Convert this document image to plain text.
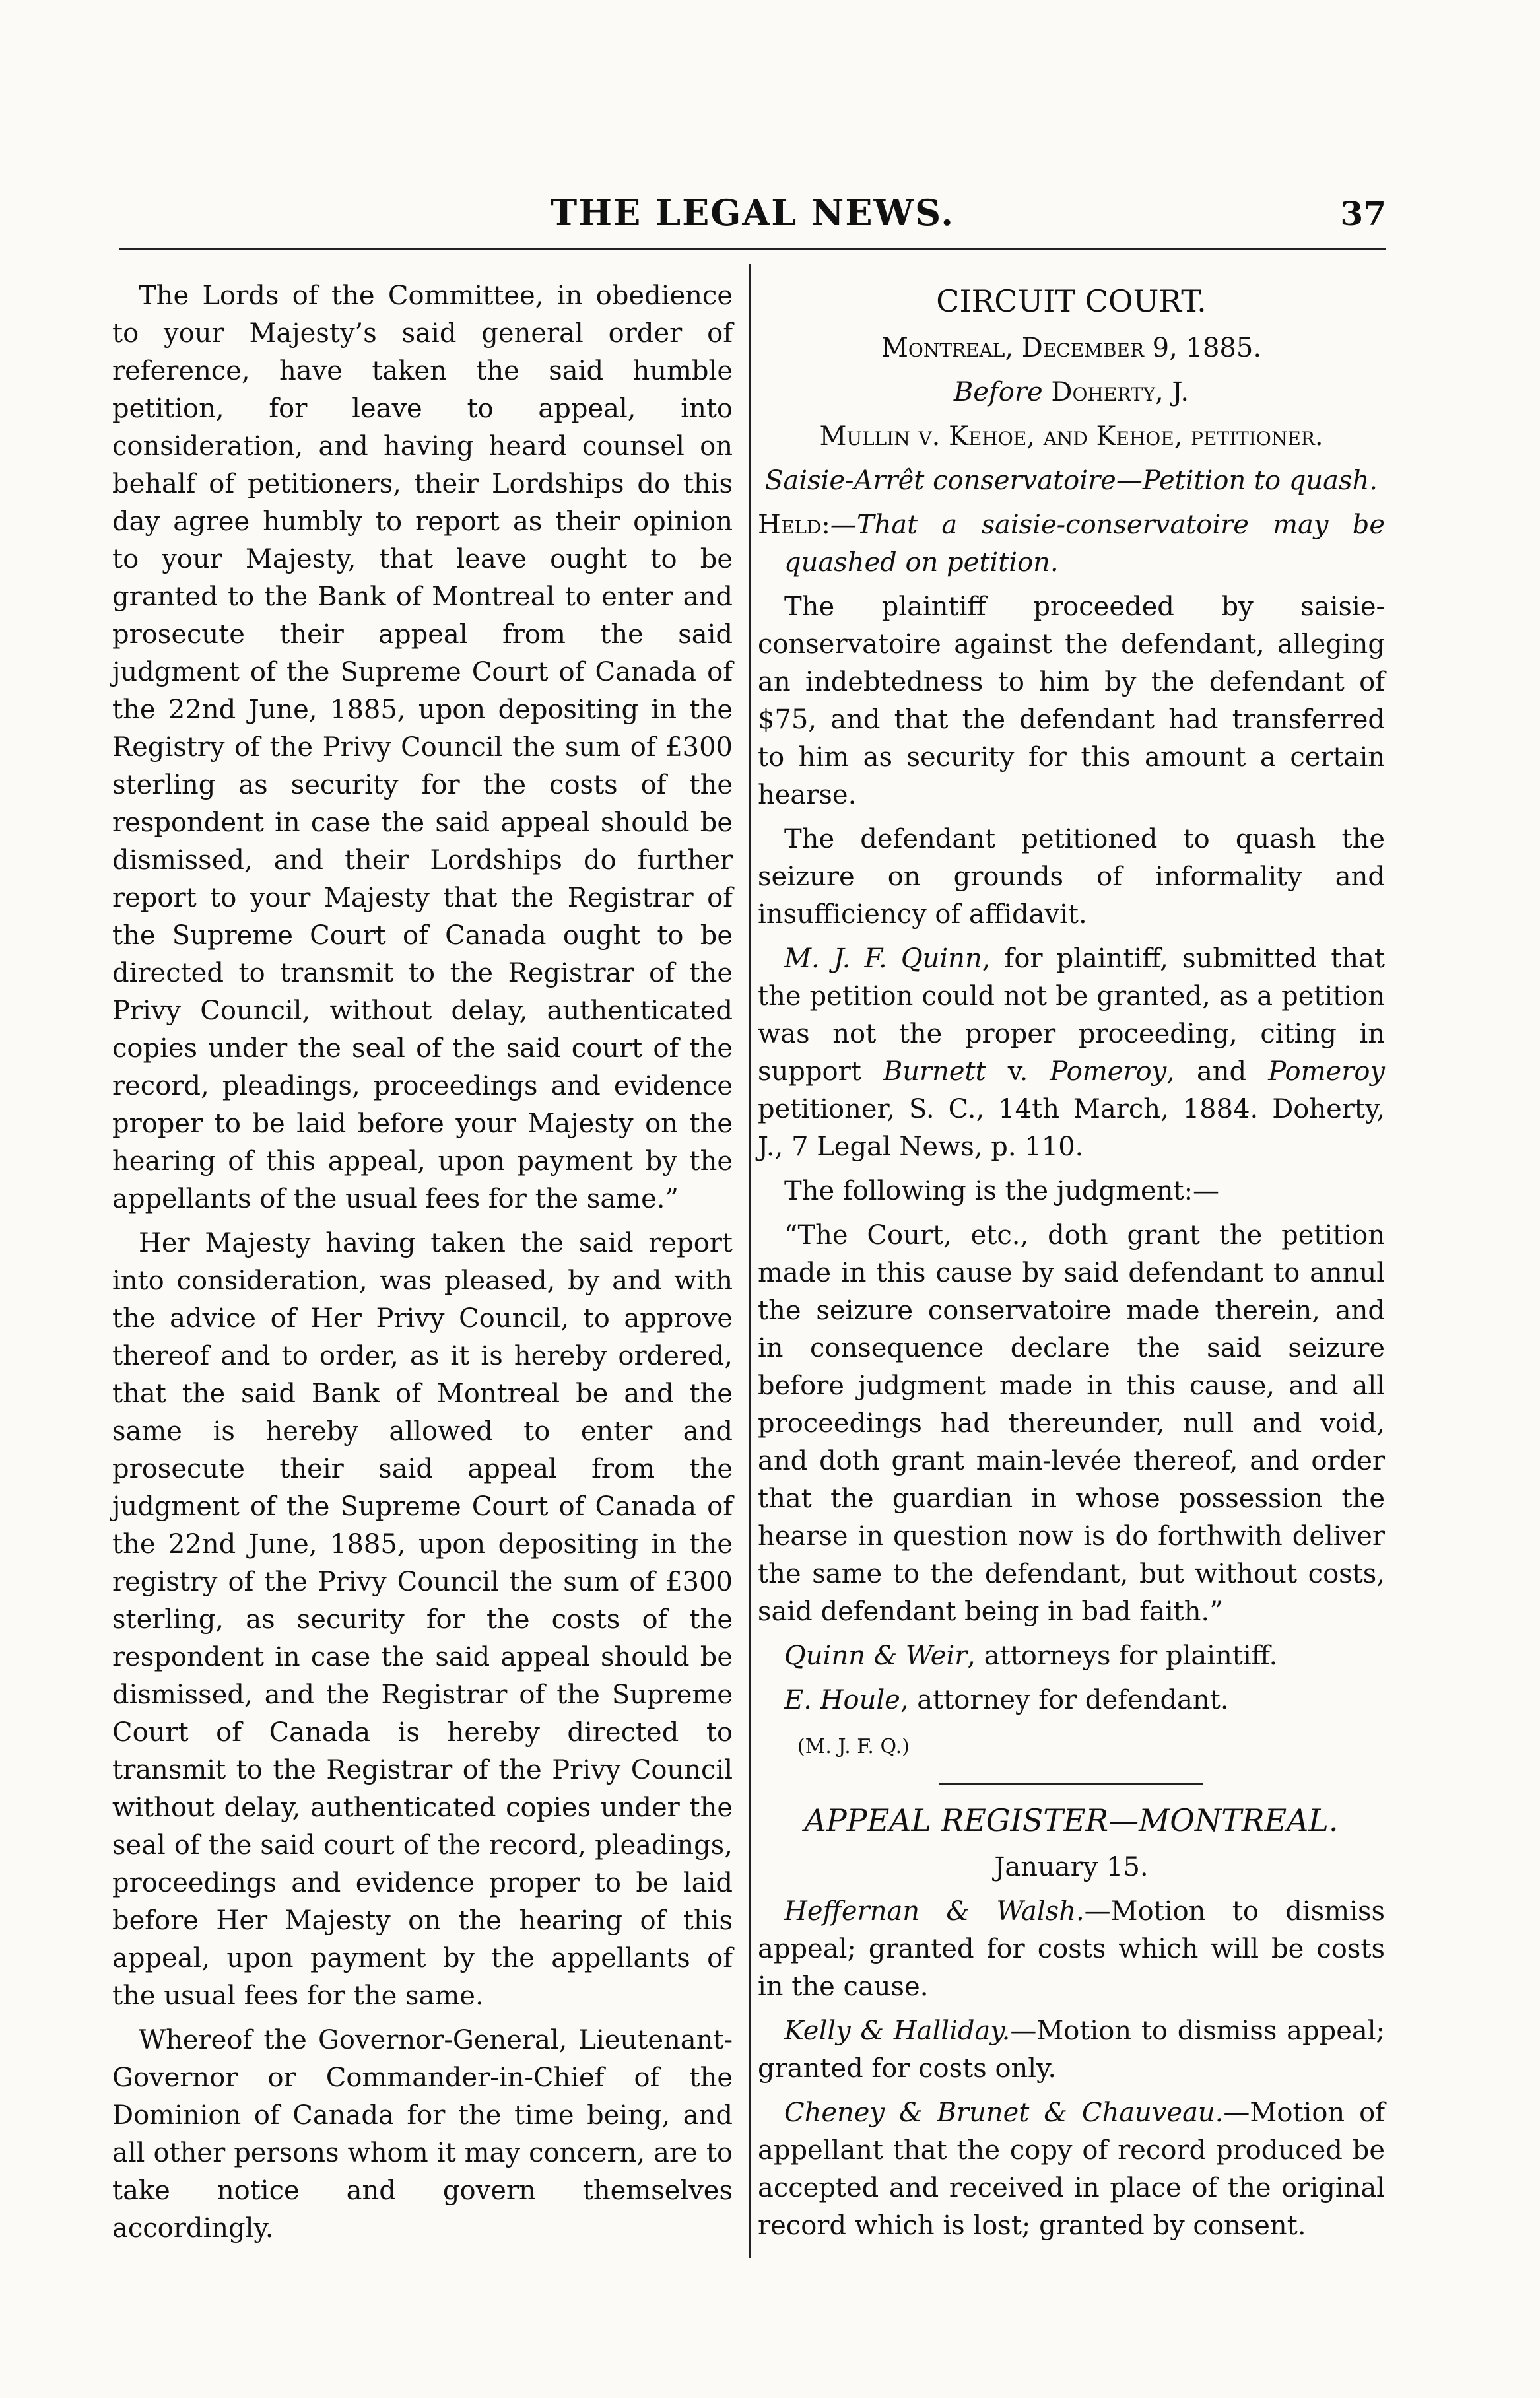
THE LEGAL NEWS.	37

The Lords of the Committee, in obedience to your Majesty’s said general order of reference, have taken the said humble petition, for leave to appeal, into consideration, and having heard counsel on behalf of petitioners, their Lordships do this day agree humbly to report as their opinion to your Majesty, that leave ought to be granted to the Bank of Montreal to enter and prosecute their appeal from the said judgment of the Supreme Court of Canada of the 22nd June, 1885, upon depositing in the Registry of the Privy Council the sum of £300 sterling as security for the costs of the respondent in case the said appeal should be dismissed, and their Lordships do further report to your Majesty that the Registrar of the Supreme Court of Canada ought to be directed to transmit to the Registrar of the Privy Council, without delay, authenticated copies under the seal of the said court of the record, pleadings, proceedings and evidence proper to be laid before your Majesty on the hearing of this appeal, upon payment by the appellants of the usual fees for the same.”

Her Majesty having taken the said report into consideration, was pleased, by and with the advice of Her Privy Council, to approve thereof and to order, as it is hereby ordered, that the said Bank of Montreal be and the same is hereby allowed to enter and prosecute their said appeal from the judgment of the Supreme Court of Canada of the 22nd June, 1885, upon depositing in the registry of the Privy Council the sum of £300 sterling, as security for the costs of the respondent in case the said appeal should be dismissed, and the Registrar of the Supreme Court of Canada is hereby directed to transmit to the Registrar of the Privy Council without delay, authenticated copies under the seal of the said court of the record, pleadings, proceedings and evidence proper to be laid before Her Majesty on the hearing of this appeal, upon payment by the appellants of the usual fees for the same.

Whereof the Governor-General, Lieutenant-Governor or Commander-in-Chief of the Dominion of Canada for the time being, and all other persons whom it may concern, are to take notice and govern themselves accordingly.

CIRCUIT COURT.

Montreal, December 9, 1885.

Before Doherty, J.

Mullin v. Kehoe, and Kehoe, petitioner.

Saisie-Arrêt conservatoire—Petition to quash.

Held:—That a saisie-conservatoire may be quashed on petition.

The plaintiff proceeded by saisie-conservatoire against the defendant, alleging an indebtedness to him by the defendant of $75, and that the defendant had transferred to him as security for this amount a certain hearse.

The defendant petitioned to quash the seizure on grounds of informality and insufficiency of affidavit.

M. J. F. Quinn, for plaintiff, submitted that the petition could not be granted, as a petition was not the proper proceeding, citing in support Burnett v. Pomeroy, and Pomeroy petitioner, S. C., 14th March, 1884. Doherty, J., 7 Legal News, p. 110.

The following is the judgment:—

“The Court, etc., doth grant the petition made in this cause by said defendant to annul the seizure conservatoire made therein, and in consequence declare the said seizure before judgment made in this cause, and all proceedings had thereunder, null and void, and doth grant main-levée thereof, and order that the guardian in whose possession the hearse in question now is do forthwith deliver the same to the defendant, but without costs, said defendant being in bad faith.”

Quinn & Weir, attorneys for plaintiff.

E. Houle, attorney for defendant.

(M. J. F. Q.)

APPEAL REGISTER—MONTREAL.

January 15.

Heffernan & Walsh.—Motion to dismiss appeal; granted for costs which will be costs in the cause.

Kelly & Halliday.—Motion to dismiss appeal; granted for costs only.

Cheney & Brunet & Chauveau.—Motion of appellant that the copy of record produced be accepted and received in place of the original record which is lost; granted by consent.
